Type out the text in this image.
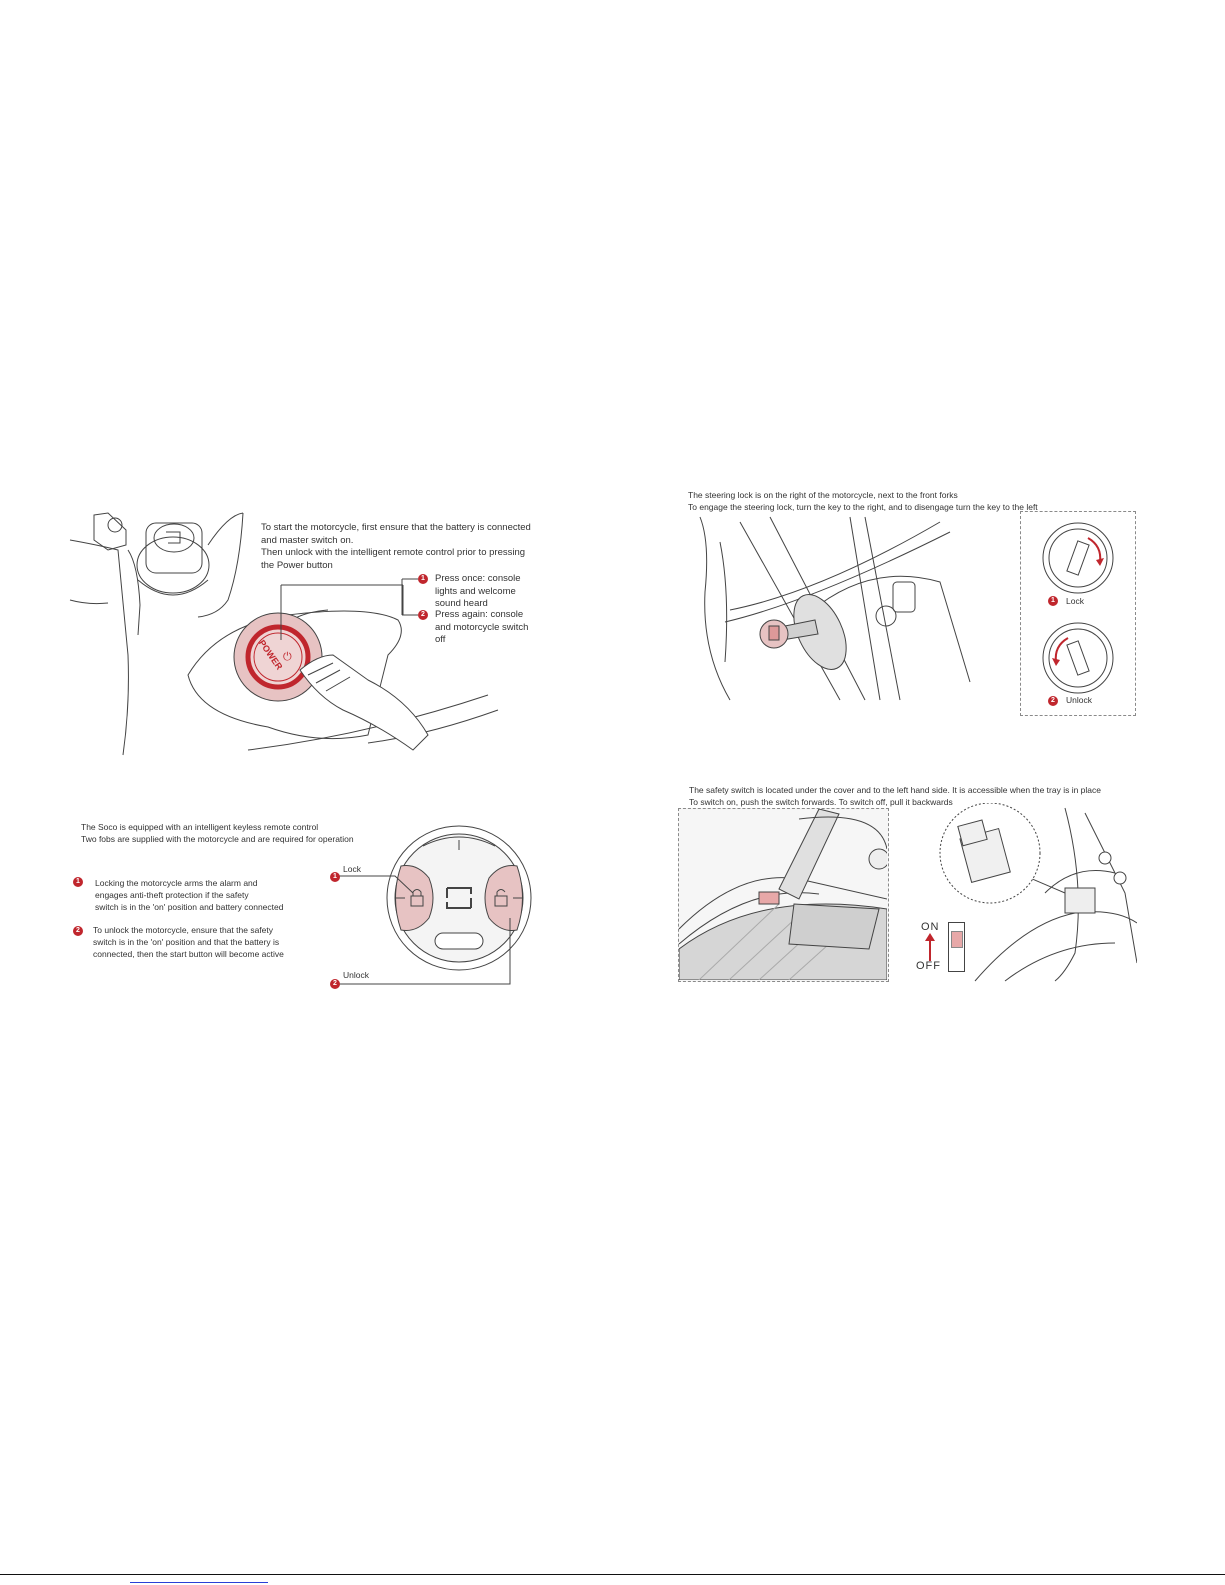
POWER
⏻
To start the motorcycle, first ensure that the battery is connected
and master switch on.
Then unlock with the intelligent remote control prior to pressing
the Power button
1	Press once: console
lights and welcome
sound heard
2	Press again: console
and motorcycle switch
off
The Soco is equipped with an intelligent keyless remote control
Two fobs are supplied with the motorcycle and are required for operation
1	Locking the motorcycle arms the alarm and
engages anti-theft protection if the safety
switch is in the 'on' position and battery connected
2	To unlock the motorcycle, ensure that the safety
switch is in the 'on' position and that the battery is
connected, then the start button will become active
1
Lock
2
Unlock
The steering lock is on the right of the motorcycle, next to the front forks
To engage the steering lock, turn the key to the right, and to disengage turn the key to the left
1	Lock
2	Unlock
The safety switch is located under the cover and to the left hand side. It is accessible when the tray is in place
To switch on, push the switch forwards. To switch off, pull it backwards
ON
OFF
